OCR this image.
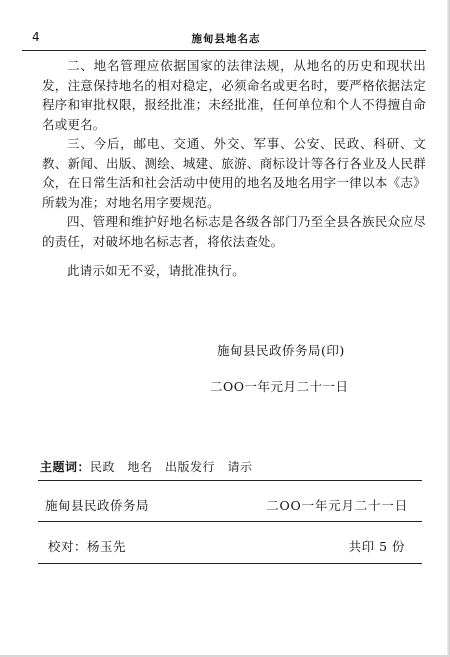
4	施甸县地名志

二、地名管理应依据国家的法律法规，从地名的历史和现状出发，注意保持地名的相对稳定，必须命名或更名时，要严格依据法定程序和审批权限，报经批准；未经批准，任何单位和个人不得擅自命名或更名。

三、今后，邮电、交通、外交、军事、公安、民政、科研、文教、新闻、出版、测绘、城建、旅游、商标设计等各行各业及人民群众，在日常生活和社会活动中使用的地名及地名用字一律以本《志》所载为准；对地名用字要规范。

四、管理和维护好地名标志是各级各部门乃至全县各族民众应尽的责任，对破坏地名标志者，将依法查处。

此请示如无不妥，请批准执行。
施甸县民政侨务局(印)
二OO一年元月二十一日
主题词：民政　地名　出版发行　请示
施甸县民政侨务局	二OO一年元月二十一日
校对：杨玉先	共印 5 份
